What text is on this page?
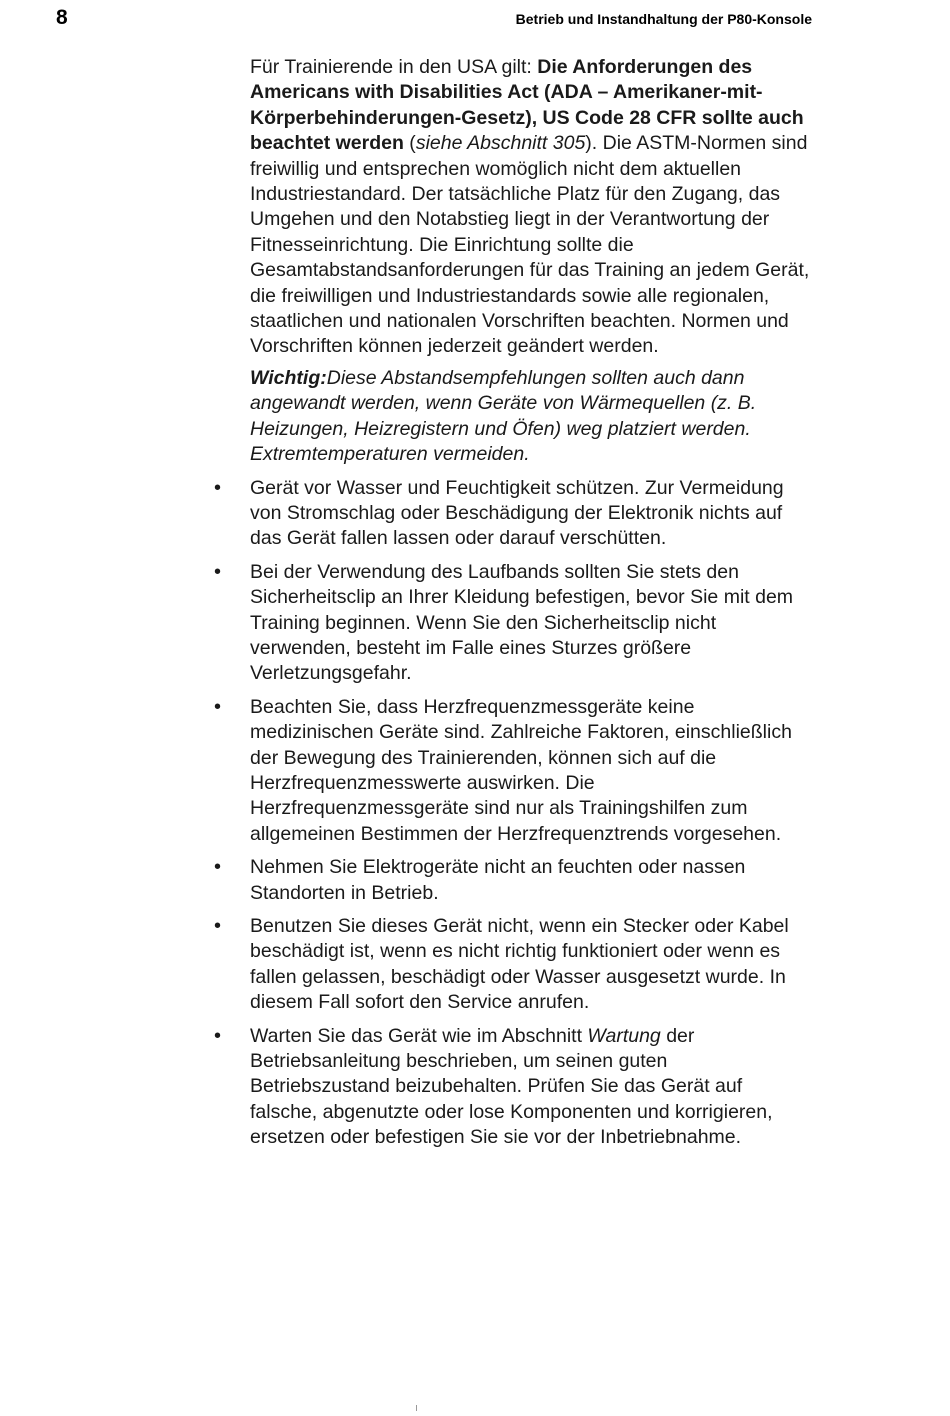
8	Betrieb und Instandhaltung der P80-Konsole

Für Trainierende in den USA gilt: Die Anforderungen des Americans with Disabilities Act (ADA – Amerikaner-mit-Körperbehinderungen-Gesetz), US Code 28 CFR sollte auch beachtet werden (siehe Abschnitt 305). Die ASTM-Normen sind freiwillig und entsprechen womöglich nicht dem aktuellen Industriestandard. Der tatsächliche Platz für den Zugang, das Umgehen und den Notabstieg liegt in der Verantwortung der Fitnesseinrichtung. Die Einrichtung sollte die Gesamtabstandsanforderungen für das Training an jedem Gerät, die freiwilligen und Industriestandards sowie alle regionalen, staatlichen und nationalen Vorschriften beachten. Normen und Vorschriften können jederzeit geändert werden.

Wichtig:Diese Abstandsempfehlungen sollten auch dann angewandt werden, wenn Geräte von Wärmequellen (z. B. Heizungen, Heizregistern und Öfen) weg platziert werden. Extremtemperaturen vermeiden.

• Gerät vor Wasser und Feuchtigkeit schützen. Zur Vermeidung von Stromschlag oder Beschädigung der Elektronik nichts auf das Gerät fallen lassen oder darauf verschütten.
• Bei der Verwendung des Laufbands sollten Sie stets den Sicherheitsclip an Ihrer Kleidung befestigen, bevor Sie mit dem Training beginnen. Wenn Sie den Sicherheitsclip nicht verwenden, besteht im Falle eines Sturzes größere Verletzungsgefahr.
• Beachten Sie, dass Herzfrequenzmessgeräte keine medizinischen Geräte sind. Zahlreiche Faktoren, einschließlich der Bewegung des Trainierenden, können sich auf die Herzfrequenzmesswerte auswirken. Die Herzfrequenzmessgeräte sind nur als Trainingshilfen zum allgemeinen Bestimmen der Herzfrequenztrends vorgesehen.
• Nehmen Sie Elektrogeräte nicht an feuchten oder nassen Standorten in Betrieb.
• Benutzen Sie dieses Gerät nicht, wenn ein Stecker oder Kabel beschädigt ist, wenn es nicht richtig funktioniert oder wenn es fallen gelassen, beschädigt oder Wasser ausgesetzt wurde. In diesem Fall sofort den Service anrufen.
• Warten Sie das Gerät wie im Abschnitt Wartung der Betriebsanleitung beschrieben, um seinen guten Betriebszustand beizubehalten. Prüfen Sie das Gerät auf falsche, abgenutzte oder lose Komponenten und korrigieren, ersetzen oder befestigen Sie sie vor der Inbetriebnahme.
